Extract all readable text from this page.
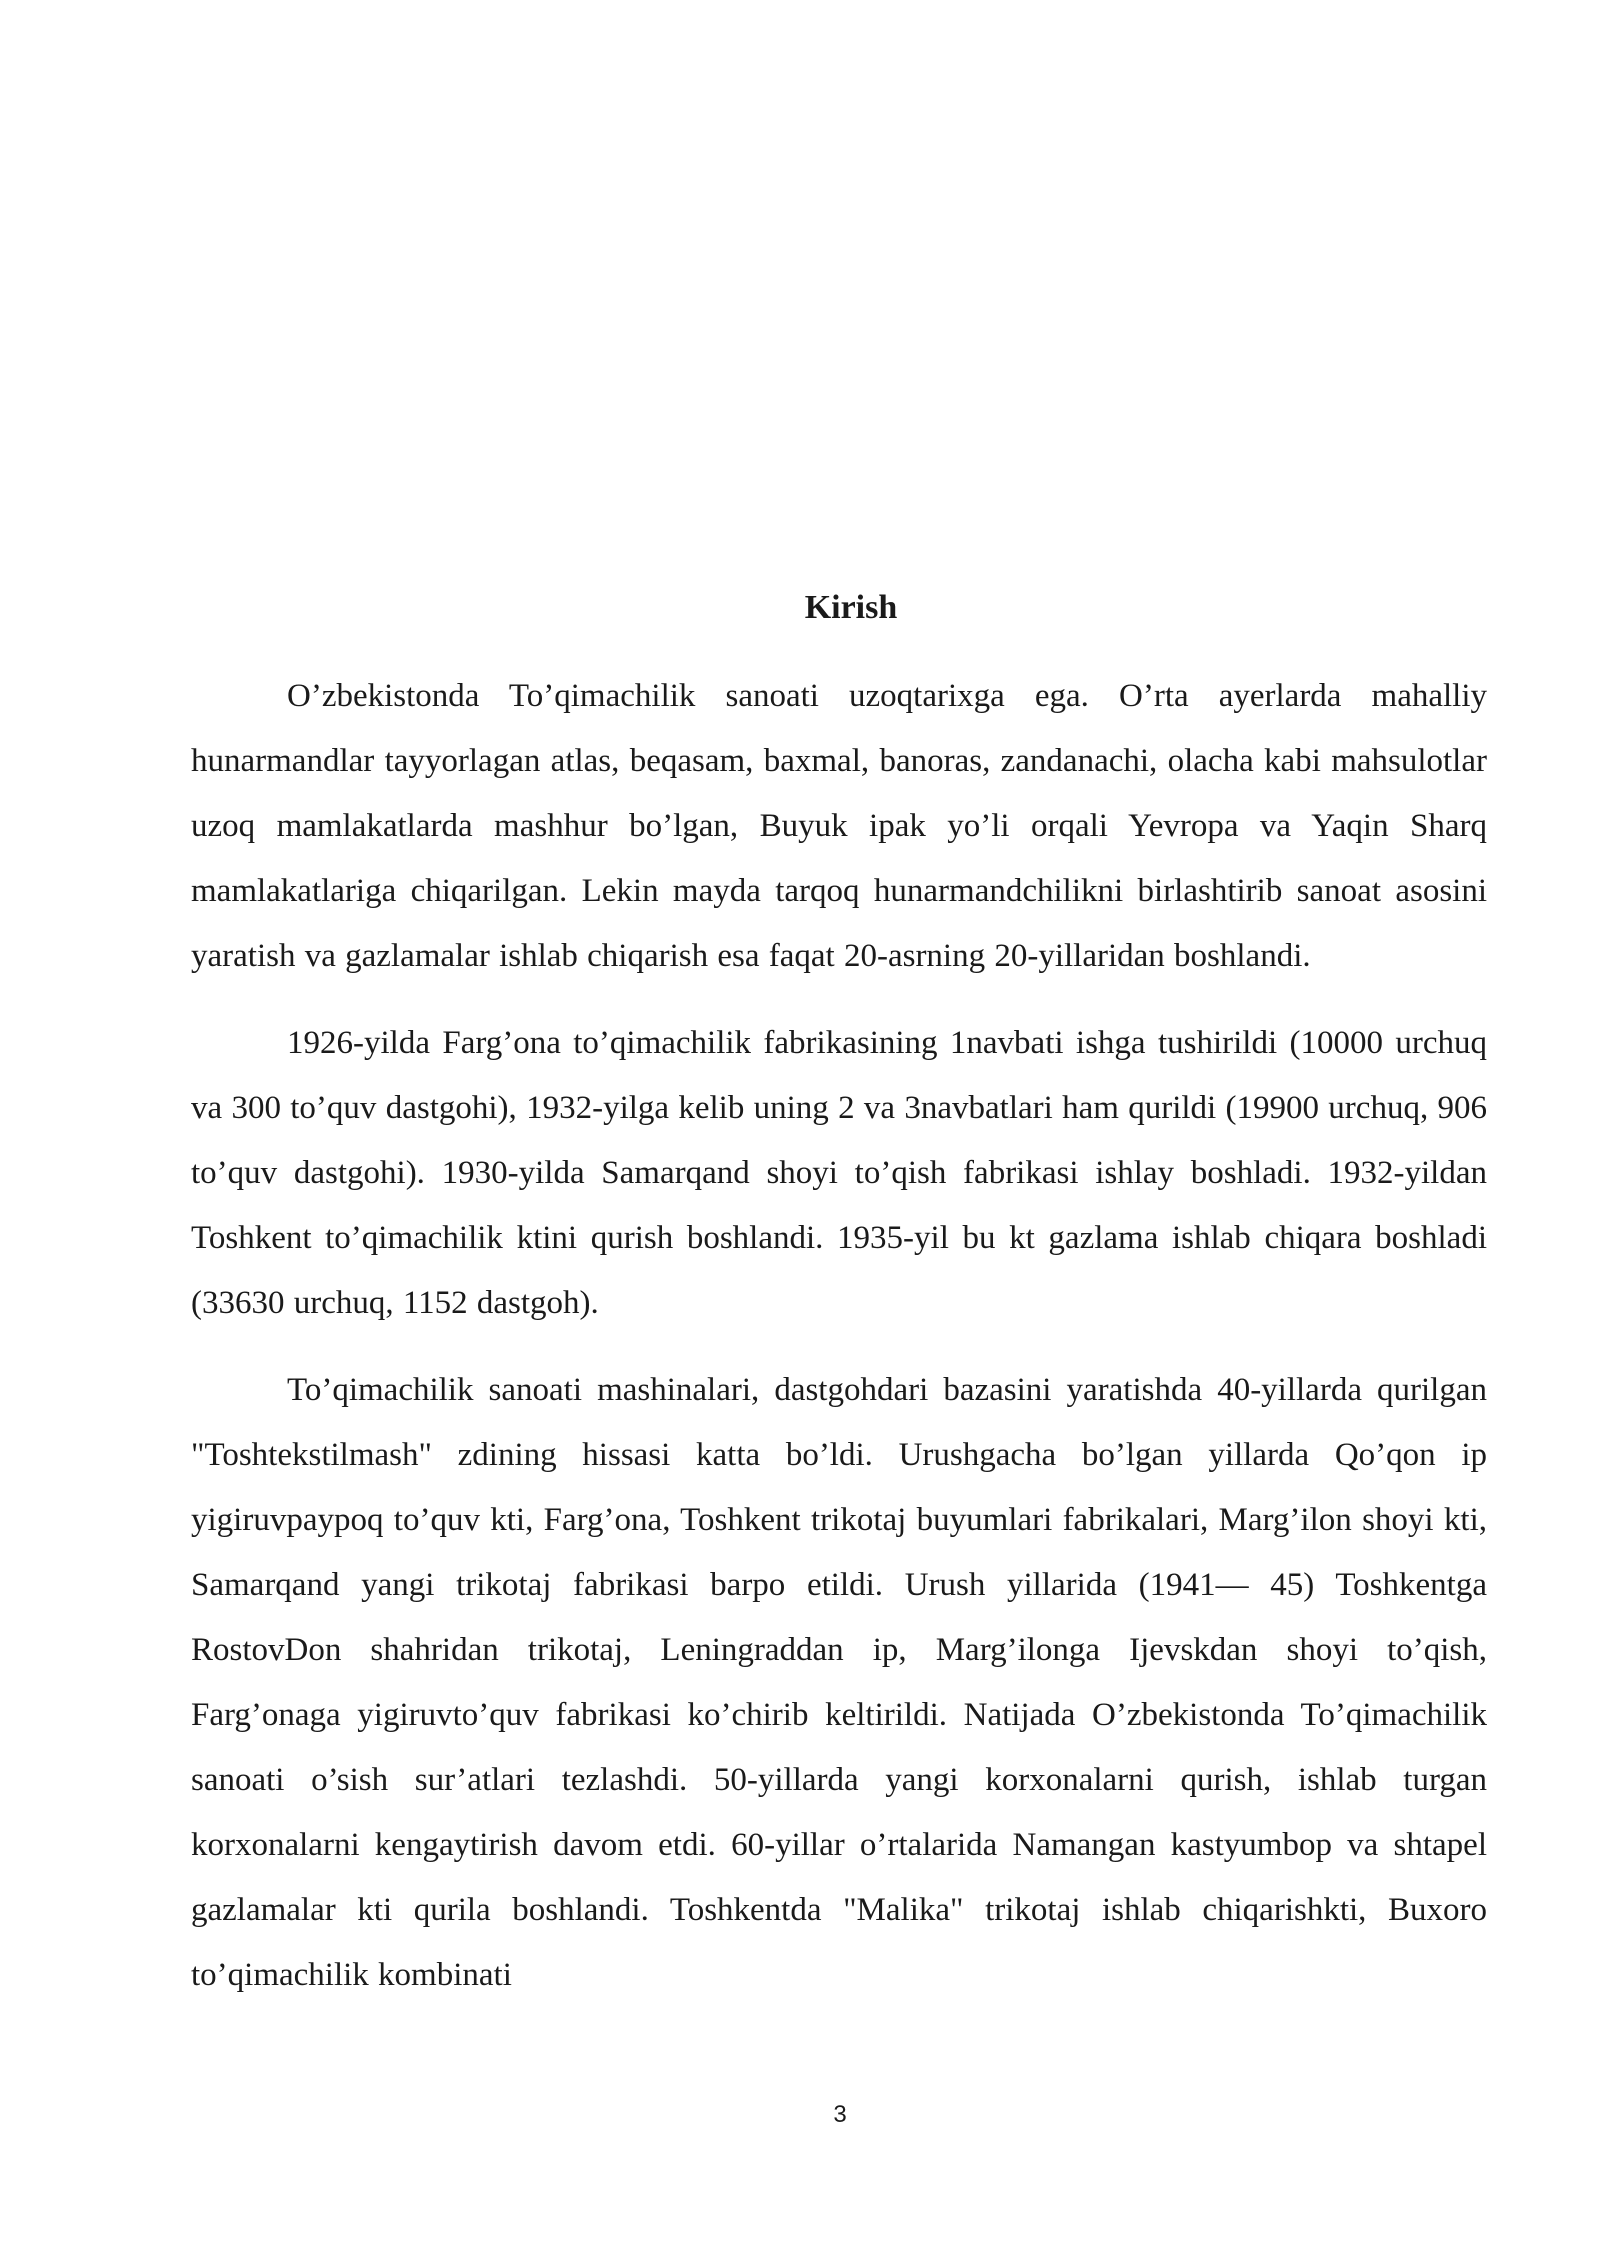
Kirish

O’zbekistonda To’qimachilik sanoati uzoqtarixga ega. O’rta ayerlarda mahalliy hunarmandlar tayyorlagan atlas, beqasam, baxmal, banoras, zandanachi, olacha kabi mahsulotlar uzoq mamlakatlarda mashhur bo’lgan, Buyuk ipak yo’li orqali Yevropa va Yaqin Sharq mamlakatlariga chiqarilgan. Lekin mayda tarqoq hunarmandchilikni birlashtirib sanoat asosini yaratish va gazlamalar ishlab chiqarish esa faqat 20-asrning 20-yillaridan boshlandi.

1926-yilda Farg’ona to’qimachilik fabrikasining 1navbati ishga tushirildi (10000 urchuq va 300 to’quv dastgohi), 1932-yilga kelib uning 2 va 3navbatlari ham qurildi (19900 urchuq, 906 to’quv dastgohi). 1930-yilda Samarqand shoyi to’qish fabrikasi ishlay boshladi. 1932-yildan Toshkent to’qimachilik ktini qurish boshlandi. 1935-yil bu kt gazlama ishlab chiqara boshladi (33630 urchuq, 1152 dastgoh).

To’qimachilik sanoati mashinalari, dastgohdari bazasini yaratishda 40-yillarda qurilgan "Toshtekstilmash" zdining hissasi katta bo’ldi. Urushgacha bo’lgan yillarda Qo’qon ip yigiruvpaypoq to’quv kti, Farg’ona, Toshkent trikotaj buyumlari fabrikalari, Marg’ilon shoyi kti, Samarqand yangi trikotaj fabrikasi barpo etildi. Urush yillarida (1941— 45) Toshkentga RostovDon shahridan trikotaj, Leningraddan ip, Marg’ilonga Ijevskdan shoyi to’qish, Farg’onaga yigiruvto’quv fabrikasi ko’chirib keltirildi. Natijada O’zbekistonda To’qimachilik sanoati o’sish sur’atlari tezlashdi. 50-yillarda yangi korxonalarni qurish, ishlab turgan korxonalarni kengaytirish davom etdi. 60-yillar o’rtalarida Namangan kastyumbop va shtapel gazlamalar kti qurila boshlandi. Toshkentda "Malika" trikotaj ishlab chiqarishkti, Buxoro to’qimachilik kombinati

3
